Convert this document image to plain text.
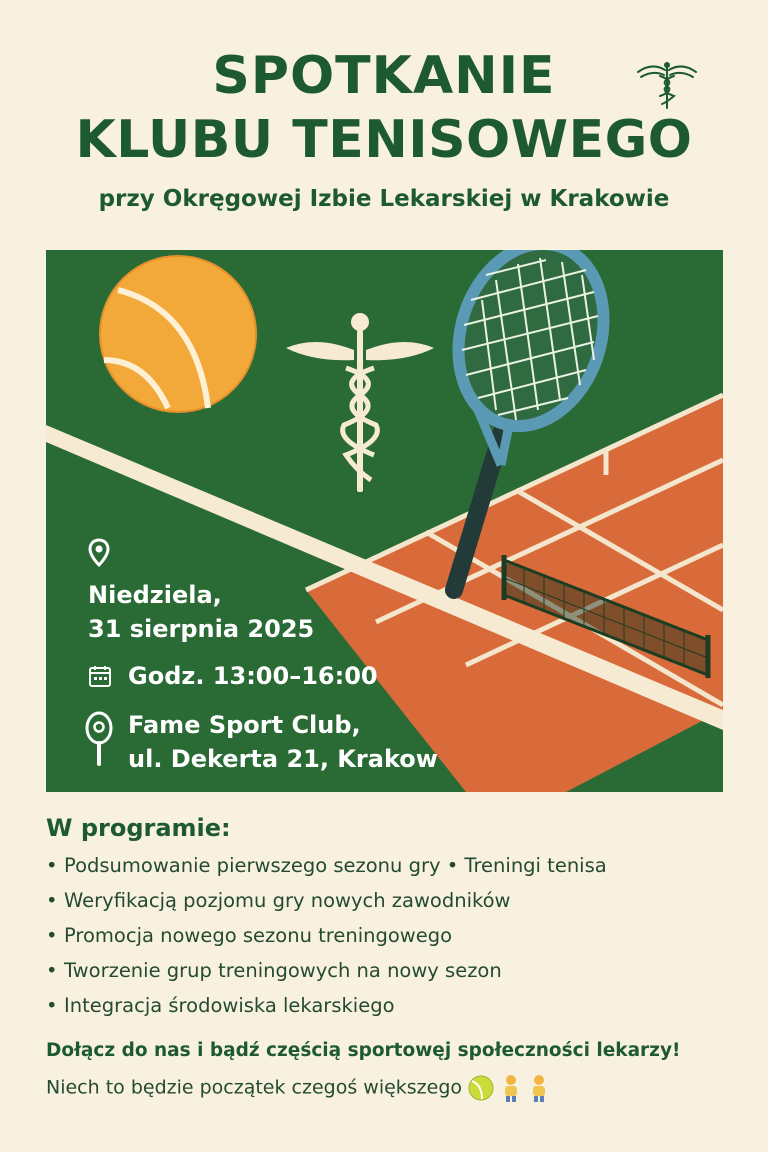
SPOTKANIE
KLUBU TENISOWEGO

przy Okręgowej Izbie Lekarskiej w Krakowie

Niedziela,
31 sierpnia 2025
Godz. 13:00–16:00
Fame Sport Club,
ul. Dekerta 21, Krakow
W programie:
• Podsumowanie pierwszego sezonu gry • Treningi tenisa
• Weryfikacją pozjomu gry nowych zawodników
• Promocja nowego sezonu treningowego
• Tworzenie grup treningowych na nowy sezon
• Integracja środowiska lekarskiego

Dołącz do nas i bądź częścią sportowęj społeczności lekarzy!

Niech to będzie początek czegoś większego
